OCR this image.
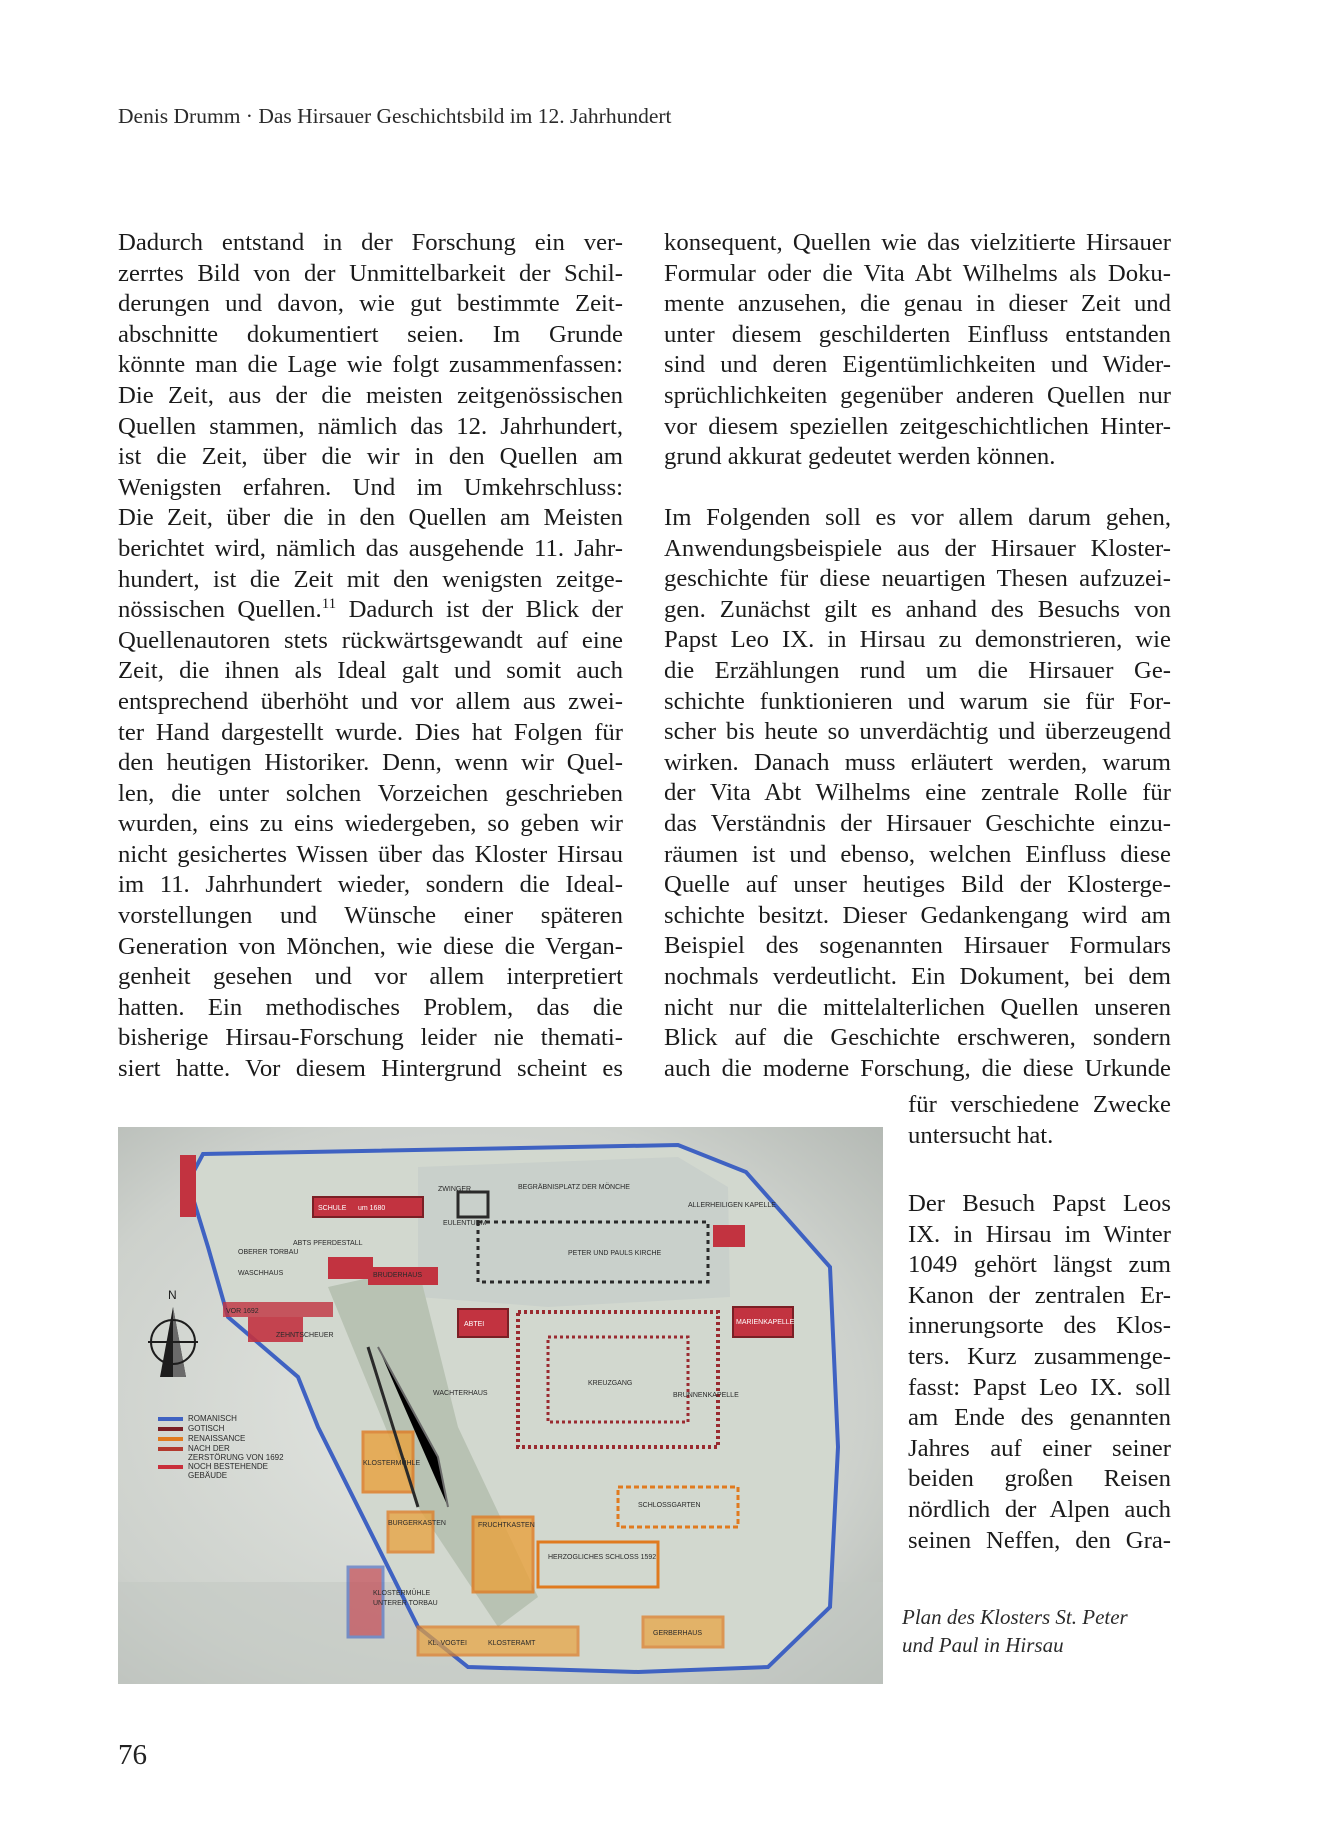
Denis Drumm · Das Hirsauer Geschichtsbild im 12. Jahrhundert
Dadurch entstand in der Forschung ein ver-
zerrtes Bild von der Unmittelbarkeit der Schil-
derungen und davon, wie gut bestimmte Zeit-
abschnitte dokumentiert seien. Im Grunde
könnte man die Lage wie folgt zusammenfassen:
Die Zeit, aus der die meisten zeitgenössischen
Quellen stammen, nämlich das 12. Jahrhundert,
ist die Zeit, über die wir in den Quellen am
Wenigsten erfahren. Und im Umkehrschluss:
Die Zeit, über die in den Quellen am Meisten
berichtet wird, nämlich das ausgehende 11. Jahr-
hundert, ist die Zeit mit den wenigsten zeitge-
nössischen Quellen.$^{11}$ Dadurch ist der Blick der
Quellenautoren stets rückwärtsgewandt auf eine
Zeit, die ihnen als Ideal galt und somit auch
entsprechend überhöht und vor allem aus zwei-
ter Hand dargestellt wurde. Dies hat Folgen für
den heutigen Historiker. Denn, wenn wir Quel-
len, die unter solchen Vorzeichen geschrieben
wurden, eins zu eins wiedergeben, so geben wir
nicht gesichertes Wissen über das Kloster Hirsau
im 11. Jahrhundert wieder, sondern die Ideal-
vorstellungen und Wünsche einer späteren
Generation von Mönchen, wie diese die Vergan-
genheit gesehen und vor allem interpretiert
hatten. Ein methodisches Problem, das die
bisherige Hirsau-Forschung leider nie themati-
siert hatte. Vor diesem Hintergrund scheint es
konsequent, Quellen wie das vielzitierte Hirsauer
Formular oder die Vita Abt Wilhelms als Doku-
mente anzusehen, die genau in dieser Zeit und
unter diesem geschilderten Einfluss entstanden
sind und deren Eigentümlichkeiten und Wider-
sprüchlichkeiten gegenüber anderen Quellen nur
vor diesem speziellen zeitgeschichtlichen Hinter-
grund akkurat gedeutet werden können.
Im Folgenden soll es vor allem darum gehen,
Anwendungsbeispiele aus der Hirsauer Kloster-
geschichte für diese neuartigen Thesen aufzuzei-
gen. Zunächst gilt es anhand des Besuchs von
Papst Leo IX. in Hirsau zu demonstrieren, wie
die Erzählungen rund um die Hirsauer Ge-
schichte funktionieren und warum sie für For-
scher bis heute so unverdächtig und überzeugend
wirken. Danach muss erläutert werden, warum
der Vita Abt Wilhelms eine zentrale Rolle für
das Verständnis der Hirsauer Geschichte einzu-
räumen ist und ebenso, welchen Einfluss diese
Quelle auf unser heutiges Bild der Klosterge-
schichte besitzt. Dieser Gedankengang wird am
Beispiel des sogenannten Hirsauer Formulars
nochmals verdeutlicht. Ein Dokument, bei dem
nicht nur die mittelalterlichen Quellen unseren
Blick auf die Geschichte erschweren, sondern
auch die moderne Forschung, die diese Urkunde
für verschiedene Zwecke
untersucht hat.
Der Besuch Papst Leos
IX. in Hirsau im Winter
1049 gehört längst zum
Kanon der zentralen Er-
innerungsorte des Klos-
ters. Kurz zusammenge-
fasst: Papst Leo IX. soll
am Ende des genannten
Jahres auf einer seiner
beiden großen Reisen
nördlich der Alpen auch
seinen Neffen, den Gra-
N
ROMANISCH
GOTISCH
RENAISSANCE
NACH DER
ZERSTÖRUNG VON 1692
NOCH BESTEHENDE
GEBÄUDE
ZWINGER
SCHULE um 1680
BEGRÄBNISPLATZ DER MÖNCHE
ALLERHEILIGEN KAPELLE
PETER UND PAULS KIRCHE
EULENTURM
WASCHHAUS
OBERER TORBAU
ABTS PFERDESTALL
BRUDERHAUS
VOR 1692
MARIENKAPELLE
ZEHNTSCHEUER
ABTEI
KREUZGANG
BRUNNENKAPELLE
WACHTERHAUS
KLOSTERMÜHLE
BURGERKASTEN	FRUCHTKASTEN
SCHLOSSGARTEN
HERZOGLICHES SCHLOSS 1592
UNTERER TORBAU
KLOSTERMÜHLE
KL. VOGTEI	KLOSTERAMT
GERBERHAUS
Plan des Klosters St. Peter
und Paul in Hirsau
76
